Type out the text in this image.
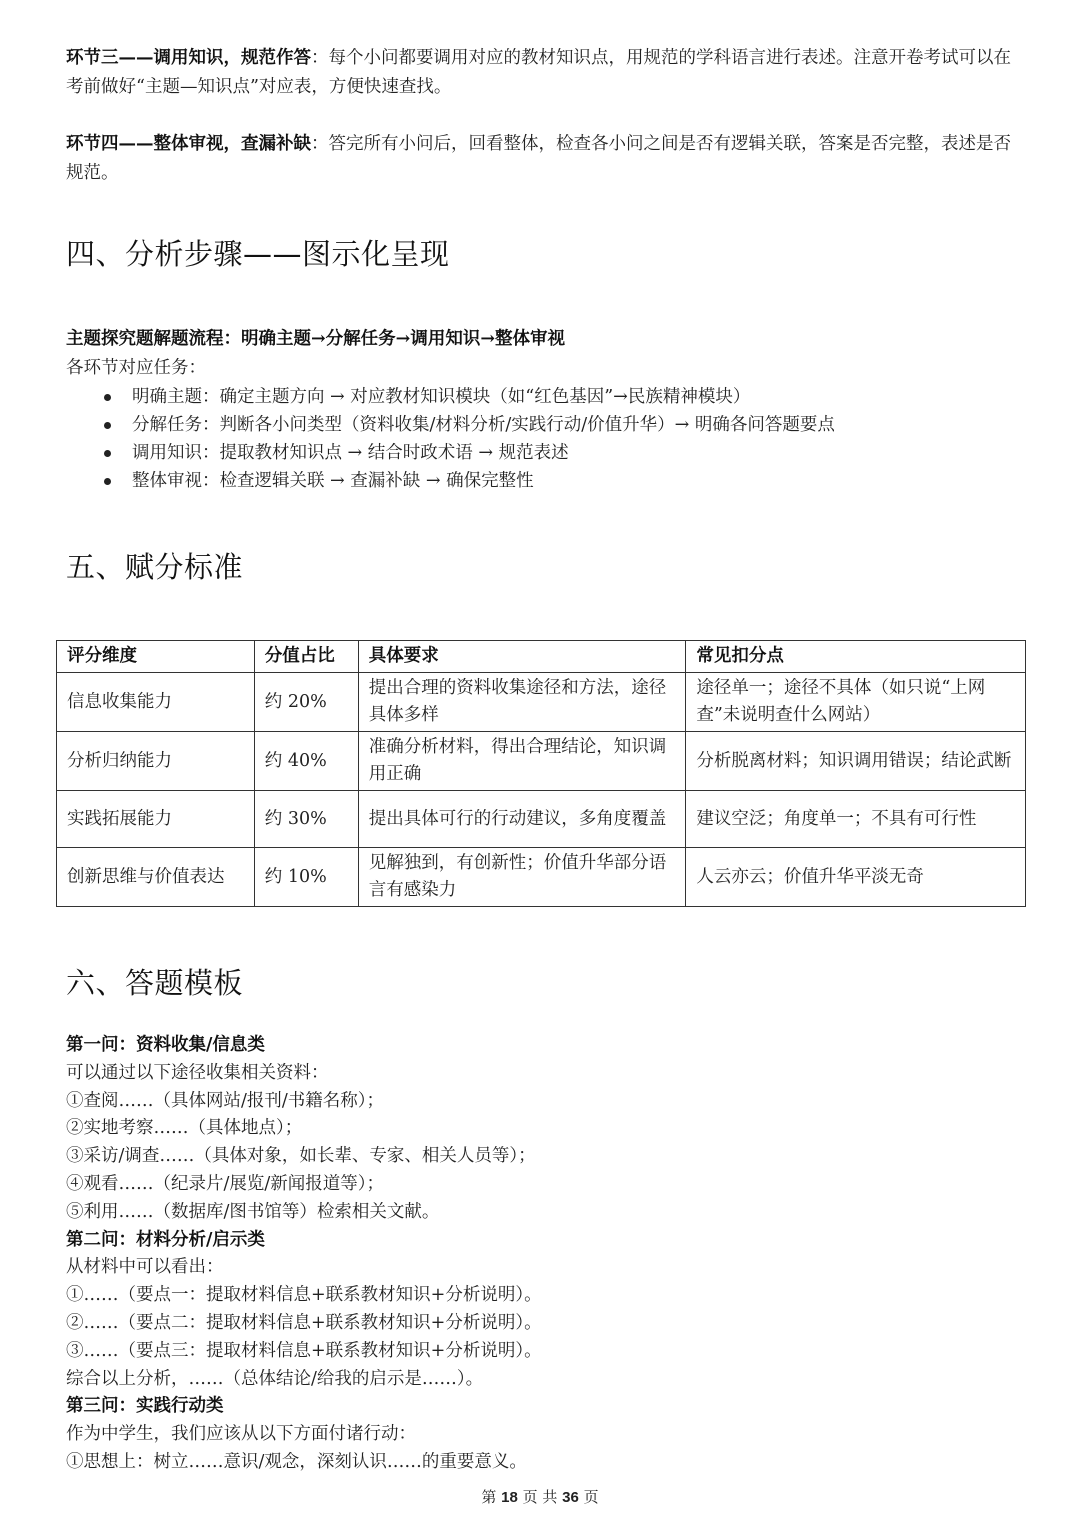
环节三——调用知识，规范作答：每个小问都要调用对应的教材知识点，用规范的学科语言进行表述。注意开卷考试可以在考前做好“主题—知识点”对应表，方便快速查找。

环节四——整体审视，查漏补缺：答完所有小问后，回看整体，检查各小问之间是否有逻辑关联，答案是否完整，表述是否规范。

四、分析步骤——图示化呈现
主题探究题解题流程：明确主题→分解任务→调用知识→整体审视
各环节对应任务：
明确主题：确定主题方向 → 对应教材知识模块（如“红色基因”→民族精神模块）
分解任务：判断各小问类型（资料收集/材料分析/实践行动/价值升华）→ 明确各问答题要点
调用知识：提取教材知识点 → 结合时政术语 → 规范表述
整体审视：检查逻辑关联 → 查漏补缺 → 确保完整性
五、赋分标准
评分维度	分值占比	具体要求	常见扣分点
信息收集能力	约 20%	提出合理的资料收集途径和方法，途径具体多样	途径单一；途径不具体（如只说“上网查”未说明查什么网站）
分析归纳能力	约 40%	准确分析材料，得出合理结论，知识调用正确	分析脱离材料；知识调用错误；结论武断
实践拓展能力	约 30%	提出具体可行的行动建议，多角度覆盖	建议空泛；角度单一；不具有可行性
创新思维与价值表达	约 10%	见解独到，有创新性；价值升华部分语言有感染力	人云亦云；价值升华平淡无奇
六、答题模板

第一问：资料收集/信息类

可以通过以下途径收集相关资料：

①查阅……（具体网站/报刊/书籍名称）；

②实地考察……（具体地点）；

③采访/调查……（具体对象，如长辈、专家、相关人员等）；

④观看……（纪录片/展览/新闻报道等）；

⑤利用……（数据库/图书馆等）检索相关文献。

第二问：材料分析/启示类

从材料中可以看出：

①……（要点一：提取材料信息+联系教材知识+分析说明）。

②……（要点二：提取材料信息+联系教材知识+分析说明）。

③……（要点三：提取材料信息+联系教材知识+分析说明）。

综合以上分析，……（总体结论/给我的启示是……）。

第三问：实践行动类

作为中学生，我们应该从以下方面付诸行动：

①思想上：树立……意识/观念，深刻认识……的重要意义。

第 18 页 共 36 页
